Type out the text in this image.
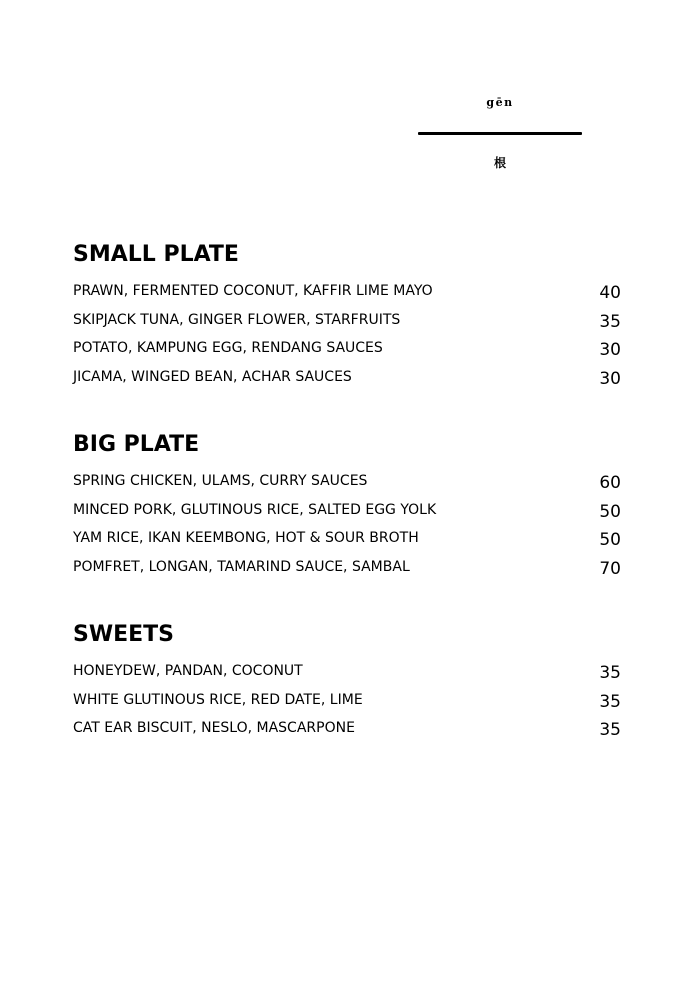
gēn
根
SMALL PLATE
PRAWN, FERMENTED COCONUT, KAFFIR LIME MAYO	40
SKIPJACK TUNA, GINGER FLOWER, STARFRUITS	35
POTATO, KAMPUNG EGG, RENDANG SAUCES	30
JICAMA, WINGED BEAN, ACHAR SAUCES	30
BIG PLATE
SPRING CHICKEN, ULAMS, CURRY SAUCES	60
MINCED PORK, GLUTINOUS RICE, SALTED EGG YOLK	50
YAM RICE, IKAN KEEMBONG, HOT & SOUR BROTH	50
POMFRET, LONGAN, TAMARIND SAUCE, SAMBAL	70
SWEETS
HONEYDEW, PANDAN, COCONUT	35
WHITE GLUTINOUS RICE, RED DATE, LIME	35
CAT EAR BISCUIT, NESLO, MASCARPONE	35
